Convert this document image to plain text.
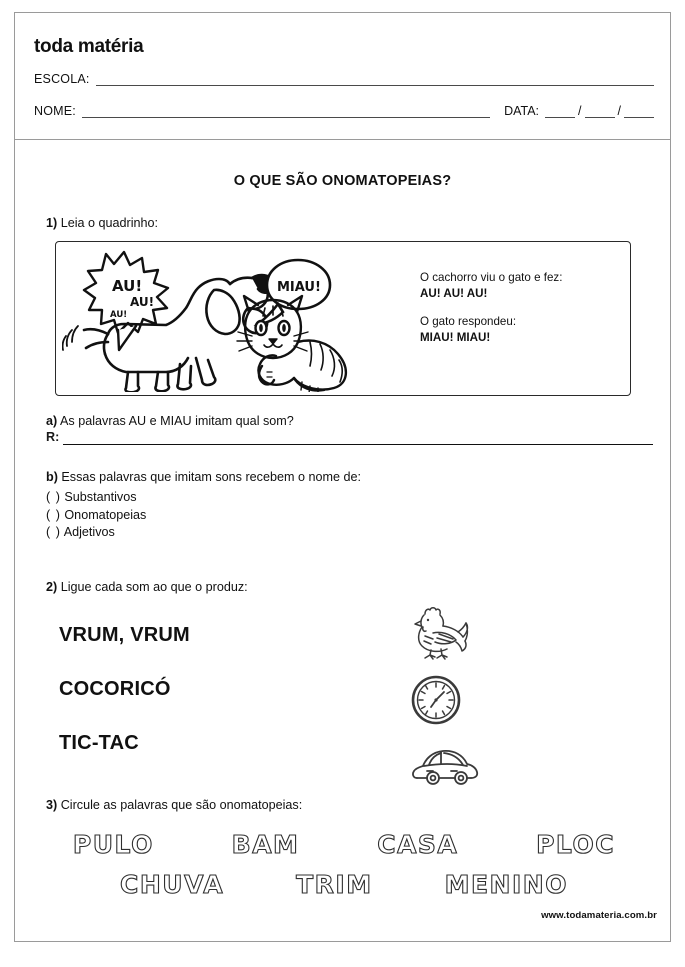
toda matéria
ESCOLA:
NOME:	DATA:	/	/
O QUE SÃO ONOMATOPEIAS?
1) Leia o quadrinho:
AU!
AU!
AU!
MIAU!
O cachorro viu o gato e fez:
AU! AU! AU!
O gato respondeu:
MIAU! MIAU!
a) As palavras AU e MIAU imitam qual som?
R:
b) Essas palavras que imitam sons recebem o nome de:
( ) Substantivos
( ) Onomatopeias
( ) Adjetivos
2) Ligue cada som ao que o produz:
VRUM, VRUM
COCORICÓ
TIC-TAC
3) Circule as palavras que são onomatopeias:
PULO	BAM	CASA	PLOC
CHUVA	TRIM	MENINO
www.todamateria.com.br
